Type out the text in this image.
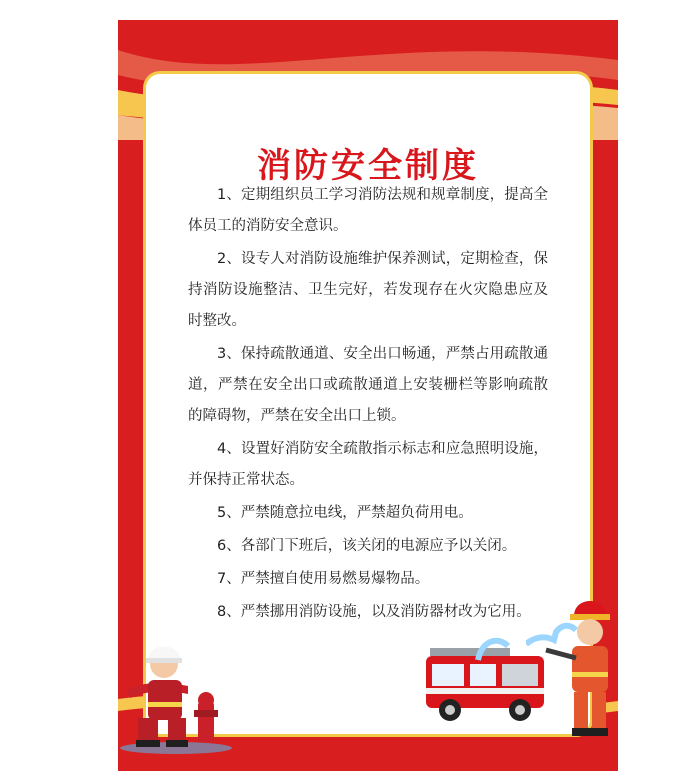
消防安全制度

1、定期组织员工学习消防法规和规章制度，提高全体员工的消防安全意识。

2、设专人对消防设施维护保养测试，定期检查，保持消防设施整洁、卫生完好，若发现存在火灾隐患应及时整改。

3、保持疏散通道、安全出口畅通，严禁占用疏散通道，严禁在安全出口或疏散通道上安装栅栏等影响疏散的障碍物，严禁在安全出口上锁。

4、设置好消防安全疏散指示标志和应急照明设施，并保持正常状态。

5、严禁随意拉电线，严禁超负荷用电。

6、各部门下班后，该关闭的电源应予以关闭。

7、严禁擅自使用易燃易爆物品。

8、严禁挪用消防设施，以及消防器材改为它用。
